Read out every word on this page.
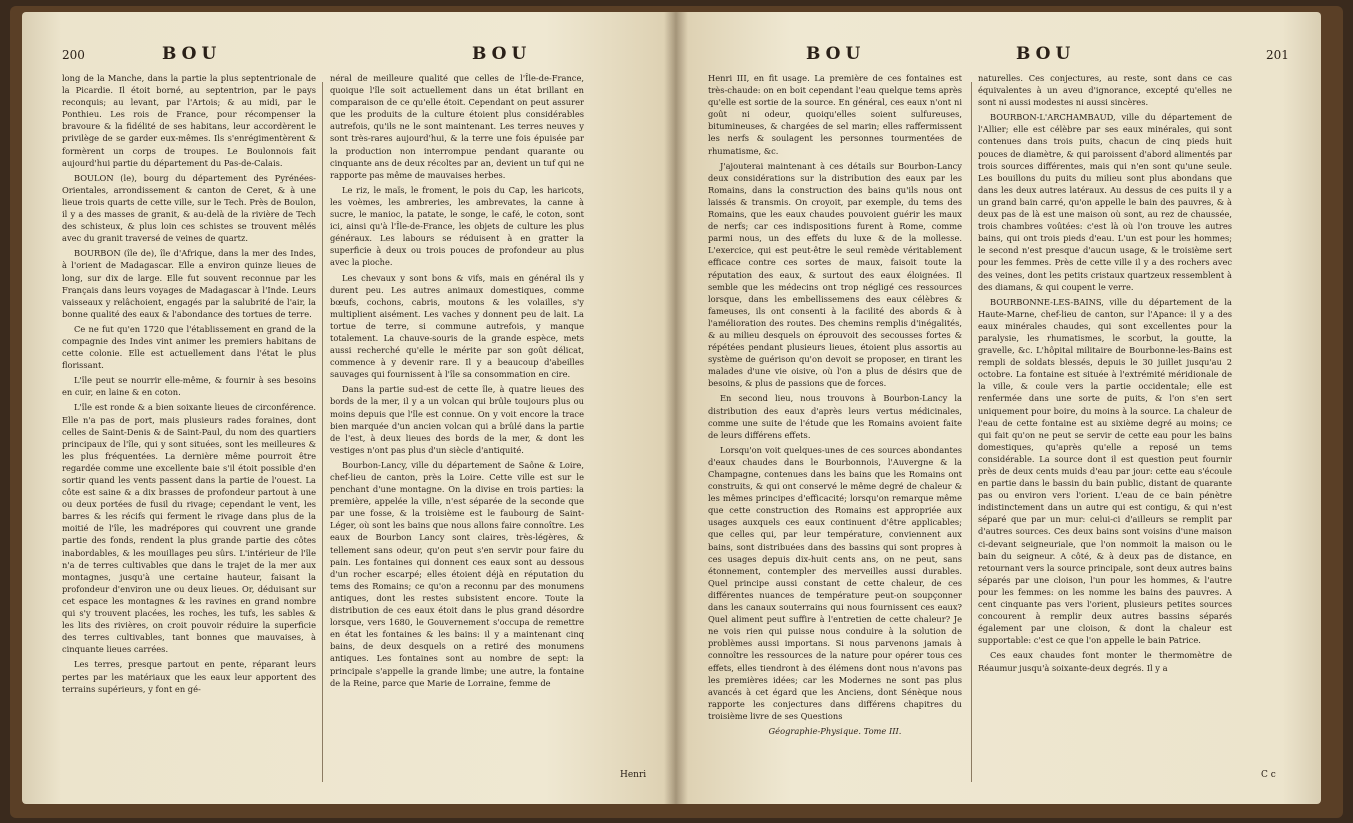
200	BOU	BOU

long de la Manche, dans la partie la plus septentrionale de la Picardie. Il étoit borné, au septentrion, par le pays reconquis; au levant, par l'Artois; & au midi, par le Ponthieu. Les rois de France, pour récompenser la bravoure & la fidélité de ses habitans, leur accordèrent le privilège de se garder eux-mêmes. Ils s'enrégimentèrent & formèrent un corps de troupes. Le Boulonnois fait aujourd'hui partie du département du Pas-de-Calais.

BOULON (le), bourg du département des Pyrénées-Orientales, arrondissement & canton de Ceret, & à une lieue trois quarts de cette ville, sur le Tech. Près de Boulon, il y a des masses de granit, & au-delà de la rivière de Tech des schisteux, & plus loin ces schistes se trouvent mêlés avec du granit traversé de veines de quartz.

BOURBON (île de), île d'Afrique, dans la mer des Indes, à l'orient de Madagascar. Elle a environ quinze lieues de long, sur dix de large. Elle fut souvent reconnue par les Français dans leurs voyages de Madagascar à l'Inde. Leurs vaisseaux y relâchoient, engagés par la salubrité de l'air, la bonne qualité des eaux & l'abondance des tortues de terre.

Ce ne fut qu'en 1720 que l'établissement en grand de la compagnie des Indes vint animer les premiers habitans de cette colonie. Elle est actuellement dans l'état le plus florissant.

L'île peut se nourrir elle-même, & fournir à ses besoins en cuir, en laine & en coton.

L'île est ronde & a bien soixante lieues de circonférence. Elle n'a pas de port, mais plusieurs rades foraines, dont celles de Saint-Denis & de Saint-Paul, du nom des quartiers principaux de l'île, qui y sont situées, sont les meilleures & les plus fréquentées. La dernière même pourroit être regardée comme une excellente baie s'il étoit possible d'en sortir quand les vents passent dans la partie de l'ouest. La côte est saine & a dix brasses de profondeur partout à une ou deux portées de fusil du rivage; cependant le vent, les barres & les récifs qui ferment le rivage dans plus de la moitié de l'île, les madrépores qui couvrent une grande partie des fonds, rendent la plus grande partie des côtes inabordables, & les mouillages peu sûrs. L'intérieur de l'île n'a de terres cultivables que dans le trajet de la mer aux montagnes, jusqu'à une certaine hauteur, faisant la profondeur d'environ une ou deux lieues. Or, déduisant sur cet espace les montagnes & les ravines en grand nombre qui s'y trouvent placées, les roches, les tufs, les sables & les lits des rivières, on croit pouvoir réduire la superficie des terres cultivables, tant bonnes que mauvaises, à cinquante lieues carrées.

Les terres, presque partout en pente, réparant leurs pertes par les matériaux que les eaux leur apportent des terrains supérieurs, y font en gé-

néral de meilleure qualité que celles de l'Île-de-France, quoique l'île soit actuellement dans un état brillant en comparaison de ce qu'elle étoit. Cependant on peut assurer que les produits de la culture étoient plus considérables autrefois, qu'ils ne le sont maintenant. Les terres neuves y sont très-rares aujourd'hui, & la terre une fois épuisée par la production non interrompue pendant quarante ou cinquante ans de deux récoltes par an, devient un tuf qui ne rapporte pas même de mauvaises herbes.

Le riz, le maïs, le froment, le pois du Cap, les haricots, les voèmes, les ambreries, les ambrevates, la canne à sucre, le manioc, la patate, le songe, le café, le coton, sont ici, ainsi qu'à l'Île-de-France, les objets de culture les plus généraux. Les labours se réduisent à en gratter la superficie à deux ou trois pouces de profondeur au plus avec la pioche.

Les chevaux y sont bons & vifs, mais en général ils y durent peu. Les autres animaux domestiques, comme bœufs, cochons, cabris, moutons & les volailles, s'y multiplient aisément. Les vaches y donnent peu de lait. La tortue de terre, si commune autrefois, y manque totalement. La chauve-souris de la grande espèce, mets aussi recherché qu'elle le mérite par son goût délicat, commence à y devenir rare. Il y a beaucoup d'abeilles sauvages qui fournissent à l'île sa consommation en cire.

Dans la partie sud-est de cette île, à quatre lieues des bords de la mer, il y a un volcan qui brûle toujours plus ou moins depuis que l'île est connue. On y voit encore la trace bien marquée d'un ancien volcan qui a brûlé dans la partie de l'est, à deux lieues des bords de la mer, & dont les vestiges n'ont pas plus d'un siècle d'antiquité.

Bourbon-Lancy, ville du département de Saône & Loire, chef-lieu de canton, près la Loire. Cette ville est sur le penchant d'une montagne. On la divise en trois parties: la première, appelée la ville, n'est séparée de la seconde que par une fosse, & la troisième est le faubourg de Saint-Léger, où sont les bains que nous allons faire connoître. Les eaux de Bourbon Lancy sont claires, très-légères, & tellement sans odeur, qu'on peut s'en servir pour faire du pain. Les fontaines qui donnent ces eaux sont au dessous d'un rocher escarpé; elles étoient déjà en réputation du tems des Romains; ce qu'on a reconnu par des monumens antiques, dont les restes subsistent encore. Toute la distribution de ces eaux étoit dans le plus grand désordre lorsque, vers 1680, le Gouvernement s'occupa de remettre en état les fontaines & les bains: il y a maintenant cinq bains, de deux desquels on a retiré des monumens antiques. Les fontaines sont au nombre de sept: la principale s'appelle la grande limbe; une autre, la fontaine de la Reine, parce que Marie de Lorraine, femme de

Henri
BOU	BOU	201

Henri III, en fit usage. La première de ces fontaines est très-chaude: on en boit cependant l'eau quelque tems après qu'elle est sortie de la source. En général, ces eaux n'ont ni goût ni odeur, quoiqu'elles soient sulfureuses, bitumineuses, & chargées de sel marin; elles raffermissent les nerfs & soulagent les personnes tourmentées de rhumatisme, &c.

J'ajouterai maintenant à ces détails sur Bourbon-Lancy deux considérations sur la distribution des eaux par les Romains, dans la construction des bains qu'ils nous ont laissés & transmis. On croyoit, par exemple, du tems des Romains, que les eaux chaudes pouvoient guérir les maux de nerfs; car ces indispositions furent à Rome, comme parmi nous, un des effets du luxe & de la mollesse. L'exercice, qui est peut-être le seul remède véritablement efficace contre ces sortes de maux, faisoit toute la réputation des eaux, & surtout des eaux éloignées. Il semble que les médecins ont trop négligé ces ressources lorsque, dans les embellissemens des eaux célèbres & fameuses, ils ont consenti à la facilité des abords & à l'amélioration des routes. Des chemins remplis d'inégalités, & au milieu desquels on éprouvoit des secousses fortes & répétées pendant plusieurs lieues, étoient plus assortis au système de guérison qu'on devoit se proposer, en tirant les malades d'une vie oisive, où l'on a plus de désirs que de besoins, & plus de passions que de forces.

En second lieu, nous trouvons à Bourbon-Lancy la distribution des eaux d'après leurs vertus médicinales, comme une suite de l'étude que les Romains avoient faite de leurs différens effets.

Lorsqu'on voit quelques-unes de ces sources abondantes d'eaux chaudes dans le Bourbonnois, l'Auvergne & la Champagne, contenues dans les bains que les Romains ont construits, & qui ont conservé le même degré de chaleur & les mêmes principes d'efficacité; lorsqu'on remarque même que cette construction des Romains est appropriée aux usages auxquels ces eaux continuent d'être applicables; que celles qui, par leur température, conviennent aux bains, sont distribuées dans des bassins qui sont propres à ces usages depuis dix-huit cents ans, on ne peut, sans étonnement, contempler des merveilles aussi durables. Quel principe aussi constant de cette chaleur, de ces différentes nuances de température peut-on soupçonner dans les canaux souterrains qui nous fournissent ces eaux? Quel aliment peut suffire à l'entretien de cette chaleur? Je ne vois rien qui puisse nous conduire à la solution de problèmes aussi importans. Si nous parvenons jamais à connoître les ressources de la nature pour opérer tous ces effets, elles tiendront à des élémens dont nous n'avons pas les premières idées; car les Modernes ne sont pas plus avancés à cet égard que les Anciens, dont Sénèque nous rapporte les conjectures dans différens chapitres du troisième livre de ses Questions

Géographie-Physique. Tome III.

naturelles. Ces conjectures, au reste, sont dans ce cas équivalentes à un aveu d'ignorance, excepté qu'elles ne sont ni aussi modestes ni aussi sincères.

BOURBON-L'ARCHAMBAUD, ville du département de l'Allier; elle est célèbre par ses eaux minérales, qui sont contenues dans trois puits, chacun de cinq pieds huit pouces de diamètre, & qui paroissent d'abord alimentés par trois sources différentes, mais qui n'en sont qu'une seule. Les bouillons du puits du milieu sont plus abondans que dans les deux autres latéraux. Au dessus de ces puits il y a un grand bain carré, qu'on appelle le bain des pauvres, & à deux pas de là est une maison où sont, au rez de chaussée, trois chambres voûtées: c'est là où l'on trouve les autres bains, qui ont trois pieds d'eau. L'un est pour les hommes; le second n'est presque d'aucun usage, & le troisième sert pour les femmes. Près de cette ville il y a des rochers avec des veines, dont les petits cristaux quartzeux ressemblent à des diamans, & qui coupent le verre.

BOURBONNE-LES-BAINS, ville du département de la Haute-Marne, chef-lieu de canton, sur l'Apance: il y a des eaux minérales chaudes, qui sont excellentes pour la paralysie, les rhumatismes, le scorbut, la goutte, la gravelle, &c. L'hôpital militaire de Bourbonne-les-Bains est rempli de soldats blessés, depuis le 30 juillet jusqu'au 2 octobre. La fontaine est située à l'extrémité méridionale de la ville, & coule vers la partie occidentale; elle est renfermée dans une sorte de puits, & l'on s'en sert uniquement pour boire, du moins à la source. La chaleur de l'eau de cette fontaine est au sixième degré au moins; ce qui fait qu'on ne peut se servir de cette eau pour les bains domestiques, qu'après qu'elle a reposé un tems considérable. La source dont il est question peut fournir près de deux cents muids d'eau par jour: cette eau s'écoule en partie dans le bassin du bain public, distant de quarante pas ou environ vers l'orient. L'eau de ce bain pénètre indistinctement dans un autre qui est contigu, & qui n'est séparé que par un mur: celui-ci d'ailleurs se remplit par d'autres sources. Ces deux bains sont voisins d'une maison ci-devant seigneuriale, que l'on nommoit la maison ou le bain du seigneur. A côté, & à deux pas de distance, en retournant vers la source principale, sont deux autres bains séparés par une cloison, l'un pour les hommes, & l'autre pour les femmes: on les nomme les bains des pauvres. A cent cinquante pas vers l'orient, plusieurs petites sources concourent à remplir deux autres bassins séparés également par une cloison, & dont la chaleur est supportable: c'est ce que l'on appelle le bain Patrice.

Ces eaux chaudes font monter le thermomètre de Réaumur jusqu'à soixante-deux degrés. Il y a

C c
